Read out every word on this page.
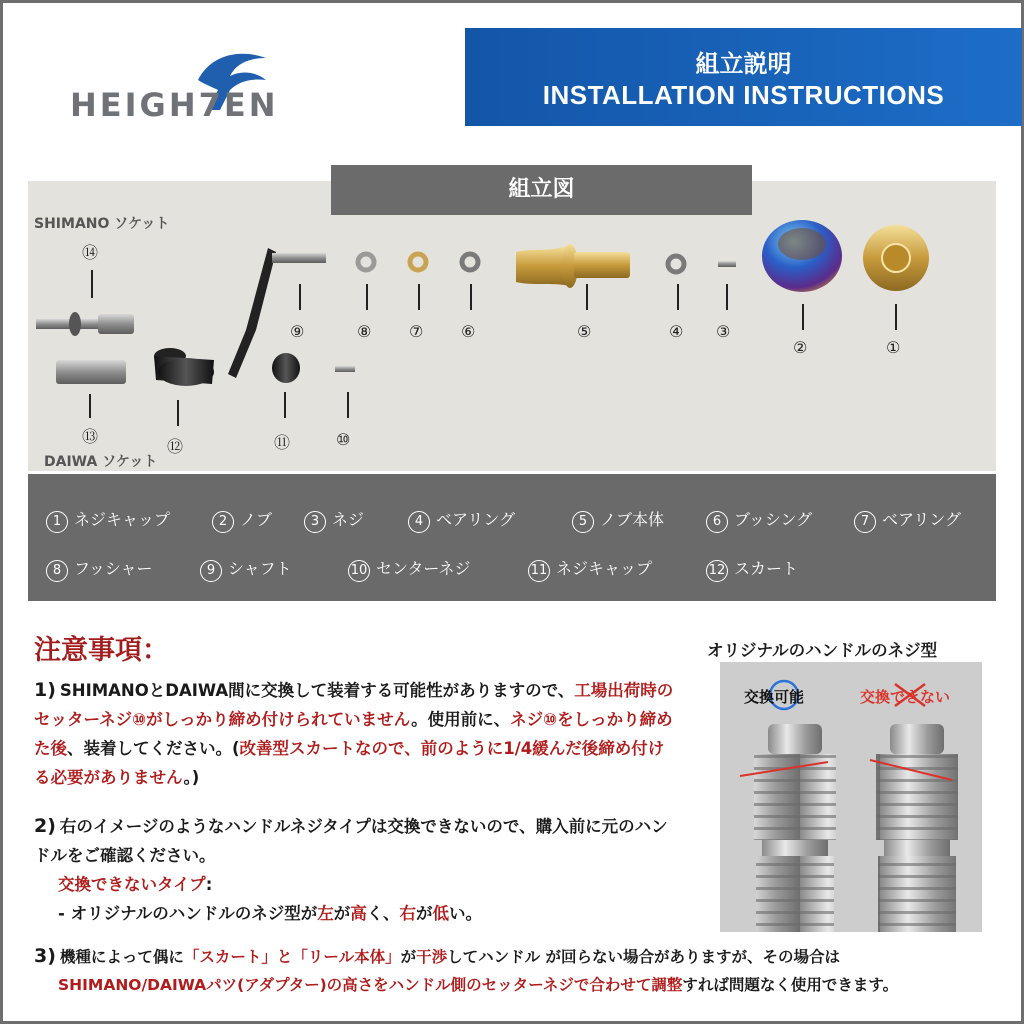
HEIGH7EN
組立説明
INSTALLATION INSTRUCTIONS
組立図
SHIMANO ソケット
DAIWA ソケット
⑭
⑬
⑫	⑪	⑩
⑨	⑧ ⑦ ⑥	⑤	④ ③
②	①
1 ネジキャップ	2 ノブ	3 ネジ	4 ベアリング	5 ノブ本体	6 ブッシング	7 ベアリング
8 フッシャー	9 シャフト	10 センターネジ	11 ネジキャップ	12 スカート
注意事項：
1) SHIMANOとDAIWA間に交換して装着する可能性がありますので、工場出荷時のセッターネジ⑩がしっかり締め付けられていません。使用前に、ネジ⑩をしっかり締めた後、装着してください。(改善型スカートなので、前のように1/4緩んだ後締め付ける必要がありません。)
2) 右のイメージのようなハンドルネジタイプは交換できないので、購入前に元のハンドルをご確認ください。
交換できないタイプ:
- オリジナルのハンドルのネジ型が左が高く、右が低い。
3) 機種によって偶に「スカート」と「リール本体」が干渉してハンドル が回らない場合がありますが、その場合は
SHIMANO/DAIWAパツ(アダプター)の高さをハンドル側のセッターネジで合わせて調整すれば問題なく使用できます。
オリジナルのハンドルのネジ型
交換可能	交換できない
